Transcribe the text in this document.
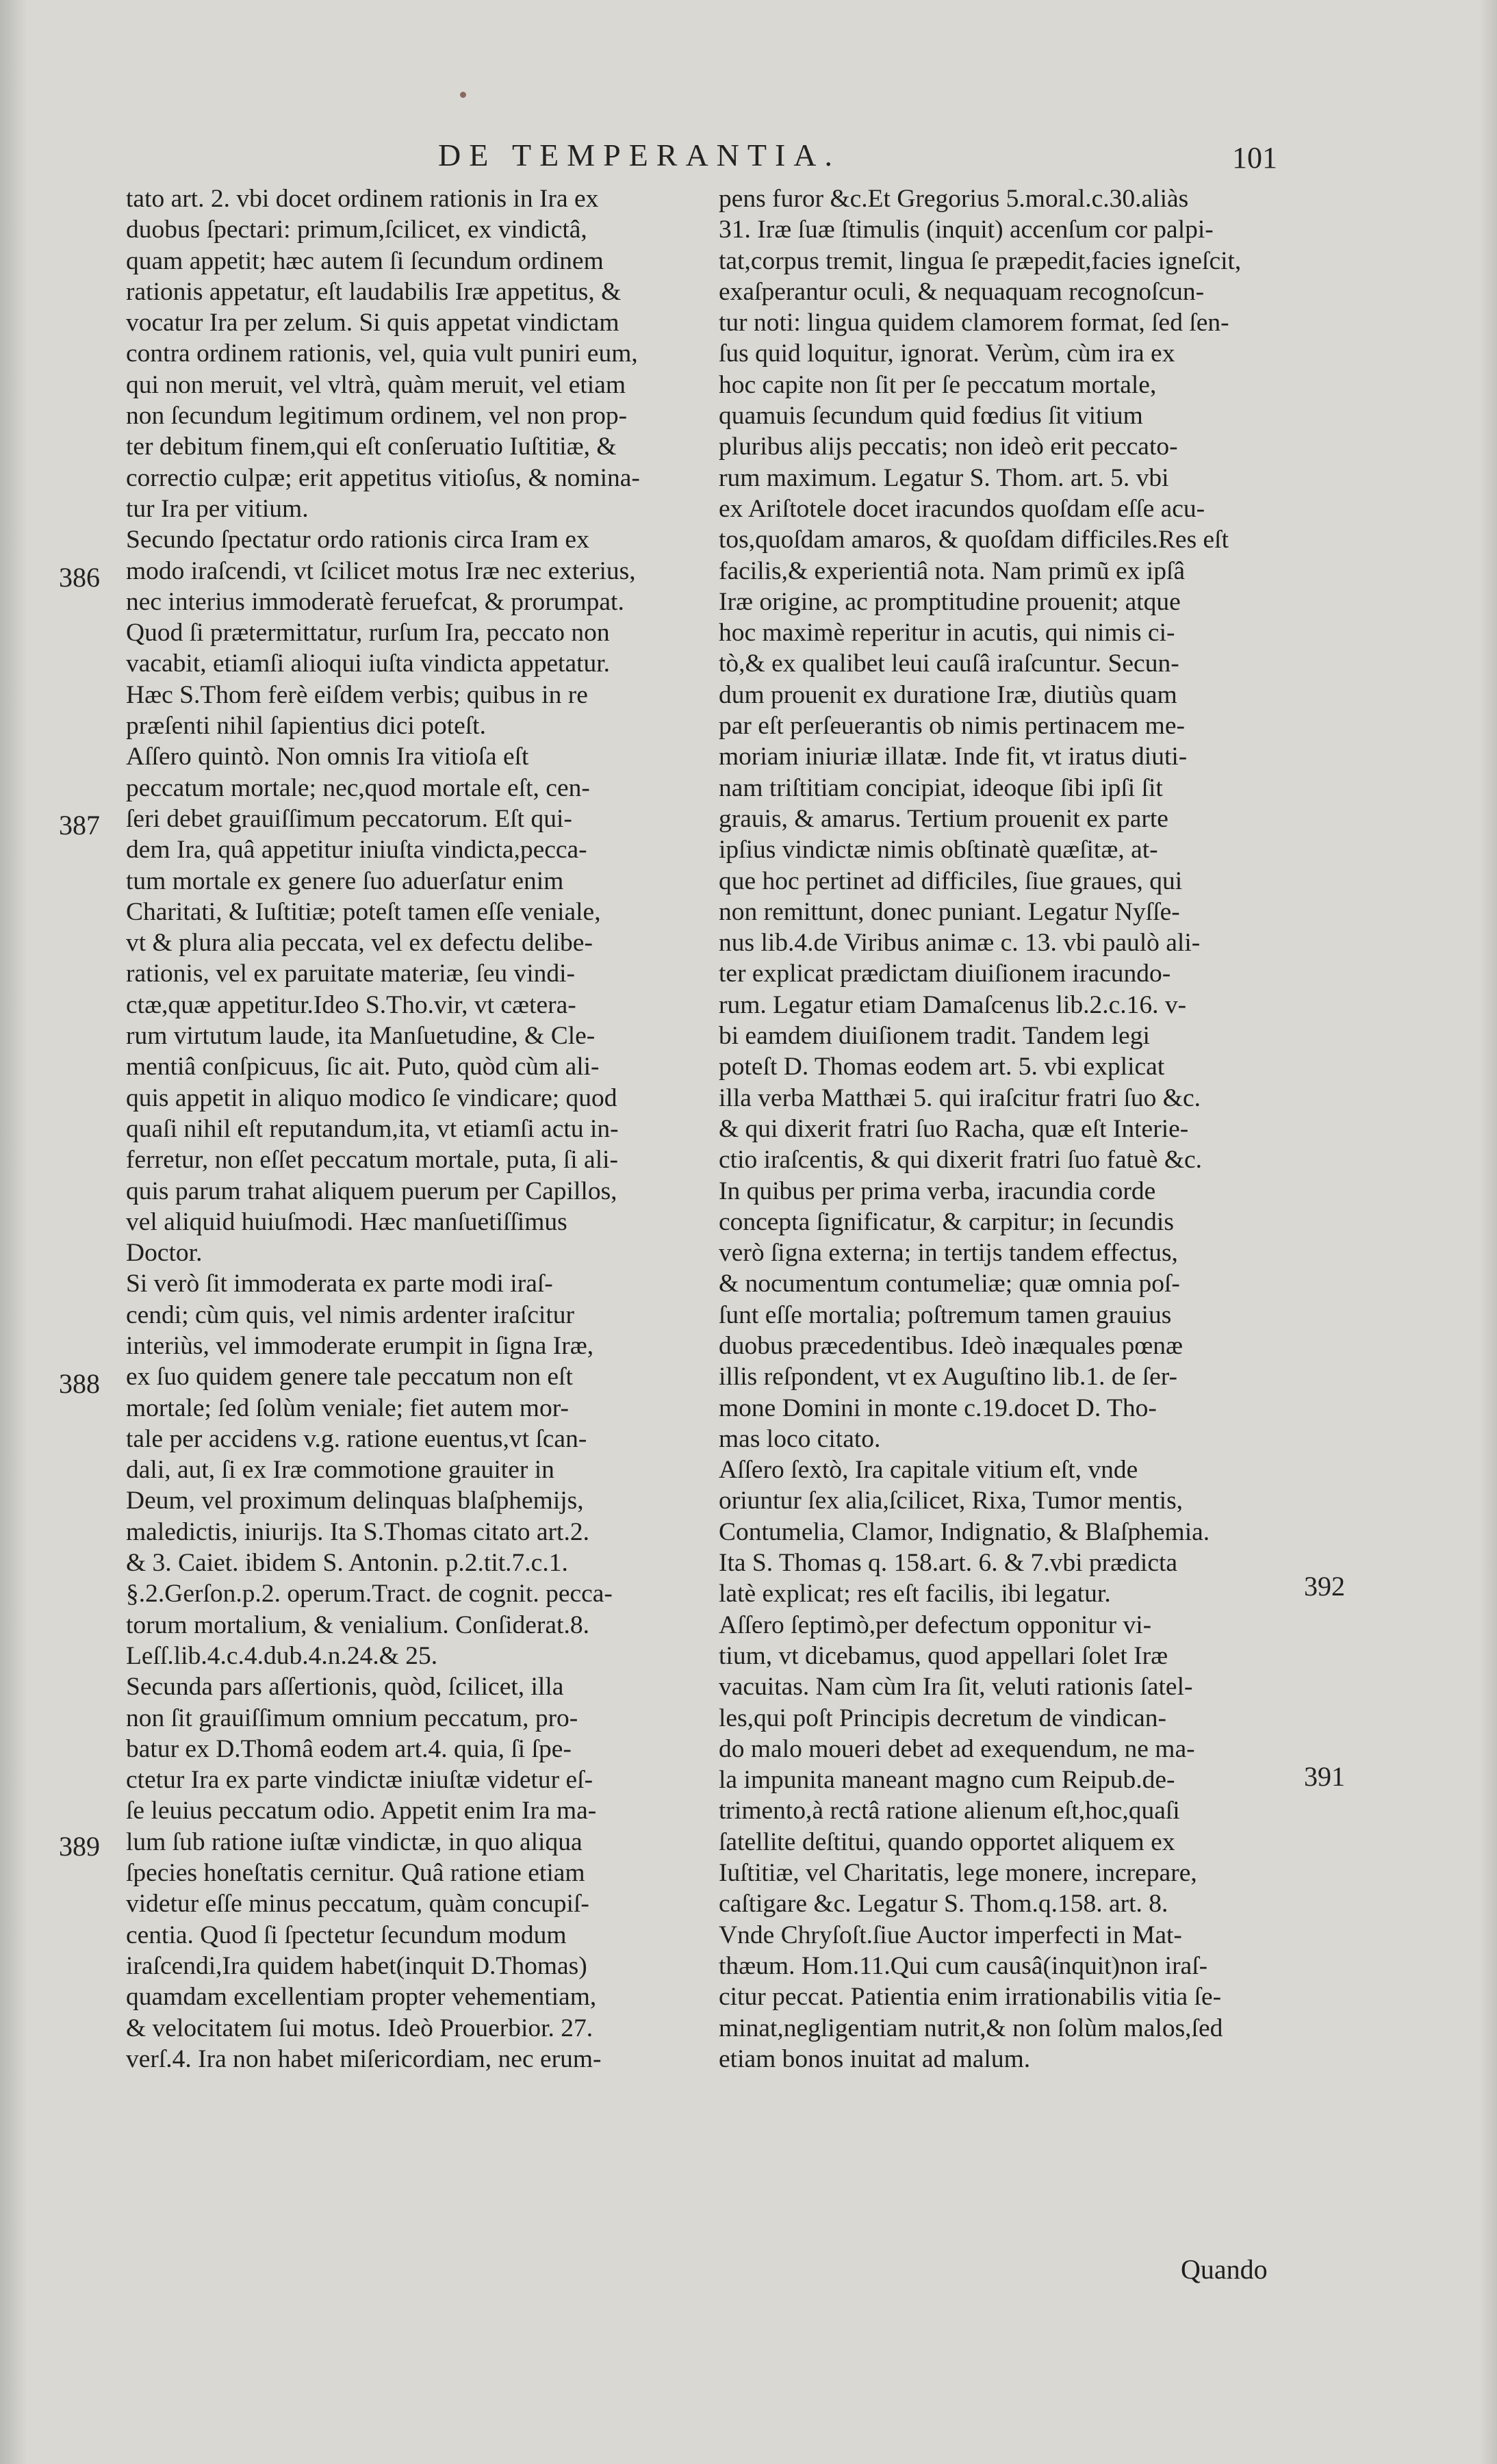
DE TEMPERANTIA.	101
tato art. 2. vbi docet ordinem rationis in Ira ex
duobus ſpectari: primum,ſcilicet, ex vindictâ,
quam appetit; hæc autem ſi ſecundum ordinem
rationis appetatur, eſt laudabilis Iræ appetitus, &
vocatur Ira per zelum. Si quis appetat vindictam
contra ordinem rationis, vel, quia vult puniri eum,
qui non meruit, vel vltrà, quàm meruit, vel etiam
non ſecundum legitimum ordinem, vel non prop-
ter debitum finem,qui eſt conſeruatio Iuſtitiæ, &
correctio culpæ; erit appetitus vitioſus, & nomina-
tur Ira per vitium.
Secundo ſpectatur ordo rationis circa Iram ex
modo iraſcendi, vt ſcilicet motus Iræ nec exterius,
nec interius immoderatè feruefcat, & prorumpat.
Quod ſi prætermittatur, rurſum Ira, peccato non
vacabit, etiamſi alioqui iuſta vindicta appetatur.
Hæc S.Thom ferè eiſdem verbis; quibus in re
præſenti nihil ſapientius dici poteſt.
Aſſero quintò. Non omnis Ira vitioſa eſt
peccatum mortale; nec,quod mortale eſt, cen-
ſeri debet grauiſſimum peccatorum. Eſt qui-
dem Ira, quâ appetitur iniuſta vindicta,pecca-
tum mortale ex genere ſuo aduerſatur enim
Charitati, & Iuſtitiæ; poteſt tamen eſſe veniale,
vt & plura alia peccata, vel ex defectu delibe-
rationis, vel ex paruitate materiæ, ſeu vindi-
ctæ,quæ appetitur.Ideo S.Tho.vir, vt cætera-
rum virtutum laude, ita Manſuetudine, & Cle-
mentiâ conſpicuus, ſic ait. Puto, quòd cùm ali-
quis appetit in aliquo modico ſe vindicare; quod
quaſi nihil eſt reputandum,ita, vt etiamſi actu in-
ferretur, non eſſet peccatum mortale, puta, ſi ali-
quis parum trahat aliquem puerum per Capillos,
vel aliquid huiuſmodi. Hæc manſuetiſſimus
Doctor.
Si verò ſit immoderata ex parte modi iraſ-
cendi; cùm quis, vel nimis ardenter iraſcitur
interiùs, vel immoderate erumpit in ſigna Iræ,
ex ſuo quidem genere tale peccatum non eſt
mortale; ſed ſolùm veniale; fiet autem mor-
tale per accidens v.g. ratione euentus,vt ſcan-
dali, aut, ſi ex Iræ commotione grauiter in
Deum, vel proximum delinquas blaſphemijs,
maledictis, iniurijs. Ita S.Thomas citato art.2.
& 3. Caiet. ibidem S. Antonin. p.2.tit.7.c.1.
§.2.Gerſon.p.2. operum.Tract. de cognit. pecca-
torum mortalium, & venialium. Conſiderat.8.
Leſſ.lib.4.c.4.dub.4.n.24.& 25.
Secunda pars aſſertionis, quòd, ſcilicet, illa
non ſit grauiſſimum omnium peccatum, pro-
batur ex D.Thomâ eodem art.4. quia, ſi ſpe-
ctetur Ira ex parte vindictæ iniuſtæ videtur eſ-
ſe leuius peccatum odio. Appetit enim Ira ma-
lum ſub ratione iuſtæ vindictæ, in quo aliqua
ſpecies honeſtatis cernitur. Quâ ratione etiam
videtur eſſe minus peccatum, quàm concupiſ-
centia. Quod ſi ſpectetur ſecundum modum
iraſcendi,Ira quidem habet(inquit D.Thomas)
quamdam excellentiam propter vehementiam,
& velocitatem ſui motus. Ideò Prouerbior. 27.
verſ.4. Ira non habet miſericordiam, nec erum-
pens furor &c.Et Gregorius 5.moral.c.30.aliàs
31. Iræ ſuæ ſtimulis (inquit) accenſum cor palpi-
tat,corpus tremit, lingua ſe præpedit,facies igneſcit,
exaſperantur oculi, & nequaquam recognoſcun-
tur noti: lingua quidem clamorem format, ſed ſen-
ſus quid loquitur, ignorat. Verùm, cùm ira ex
hoc capite non ſit per ſe peccatum mortale,
quamuis ſecundum quid fœdius ſit vitium
pluribus alijs peccatis; non ideò erit peccato-
rum maximum. Legatur S. Thom. art. 5. vbi
ex Ariſtotele docet iracundos quoſdam eſſe acu-
tos,quoſdam amaros, & quoſdam difficiles.Res eſt
facilis,& experientiâ nota. Nam primũ ex ipſâ
Iræ origine, ac promptitudine prouenit; atque
hoc maximè reperitur in acutis, qui nimis ci-
tò,& ex qualibet leui cauſâ iraſcuntur. Secun-
dum prouenit ex duratione Iræ, diutiùs quam
par eſt perſeuerantis ob nimis pertinacem me-
moriam iniuriæ illatæ. Inde fit, vt iratus diuti-
nam triſtitiam concipiat, ideoque ſibi ipſi ſit
grauis, & amarus. Tertium prouenit ex parte
ipſius vindictæ nimis obſtinatè quæſitæ, at-
que hoc pertinet ad difficiles, ſiue graues, qui
non remittunt, donec puniant. Legatur Nyſſe-
nus lib.4.de Viribus animæ c. 13. vbi paulò ali-
ter explicat prædictam diuiſionem iracundo-
rum. Legatur etiam Damaſcenus lib.2.c.16. v-
bi eamdem diuiſionem tradit. Tandem legi
poteſt D. Thomas eodem art. 5. vbi explicat
illa verba Matthæi 5. qui iraſcitur fratri ſuo &c.
& qui dixerit fratri ſuo Racha, quæ eſt Interie-
ctio iraſcentis, & qui dixerit fratri ſuo fatuè &c.
In quibus per prima verba, iracundia corde
concepta ſignificatur, & carpitur; in ſecundis
verò ſigna externa; in tertijs tandem effectus,
& nocumentum contumeliæ; quæ omnia poſ-
ſunt eſſe mortalia; poſtremum tamen grauius
duobus præcedentibus. Ideò inæquales pœnæ
illis reſpondent, vt ex Auguſtino lib.1. de ſer-
mone Domini in monte c.19.docet D. Tho-
mas loco citato.
Aſſero ſextò, Ira capitale vitium eſt, vnde
oriuntur ſex alia,ſcilicet, Rixa, Tumor mentis,
Contumelia, Clamor, Indignatio, & Blaſphemia.
Ita S. Thomas q. 158.art. 6. & 7.vbi prædicta
latè explicat; res eſt facilis, ibi legatur.
Aſſero ſeptimò,per defectum opponitur vi-
tium, vt dicebamus, quod appellari ſolet Iræ
vacuitas. Nam cùm Ira ſit, veluti rationis ſatel-
les,qui poſt Principis decretum de vindican-
do malo moueri debet ad exequendum, ne ma-
la impunita maneant magno cum Reipub.de-
trimento,à rectâ ratione alienum eſt,hoc,quaſi
ſatellite deſtitui, quando opportet aliquem ex
Iuſtitiæ, vel Charitatis, lege monere, increpare,
caſtigare &c. Legatur S. Thom.q.158. art. 8.
Vnde Chryſoſt.ſiue Auctor imperfecti in Mat-
thæum. Hom.11.Qui cum causâ(inquit)non iraſ-
citur peccat. Patientia enim irrationabilis vitia ſe-
minat,negligentiam nutrit,& non ſolùm malos,ſed
etiam bonos inuitat ad malum.
386
387
388
389
392
391
Quando
